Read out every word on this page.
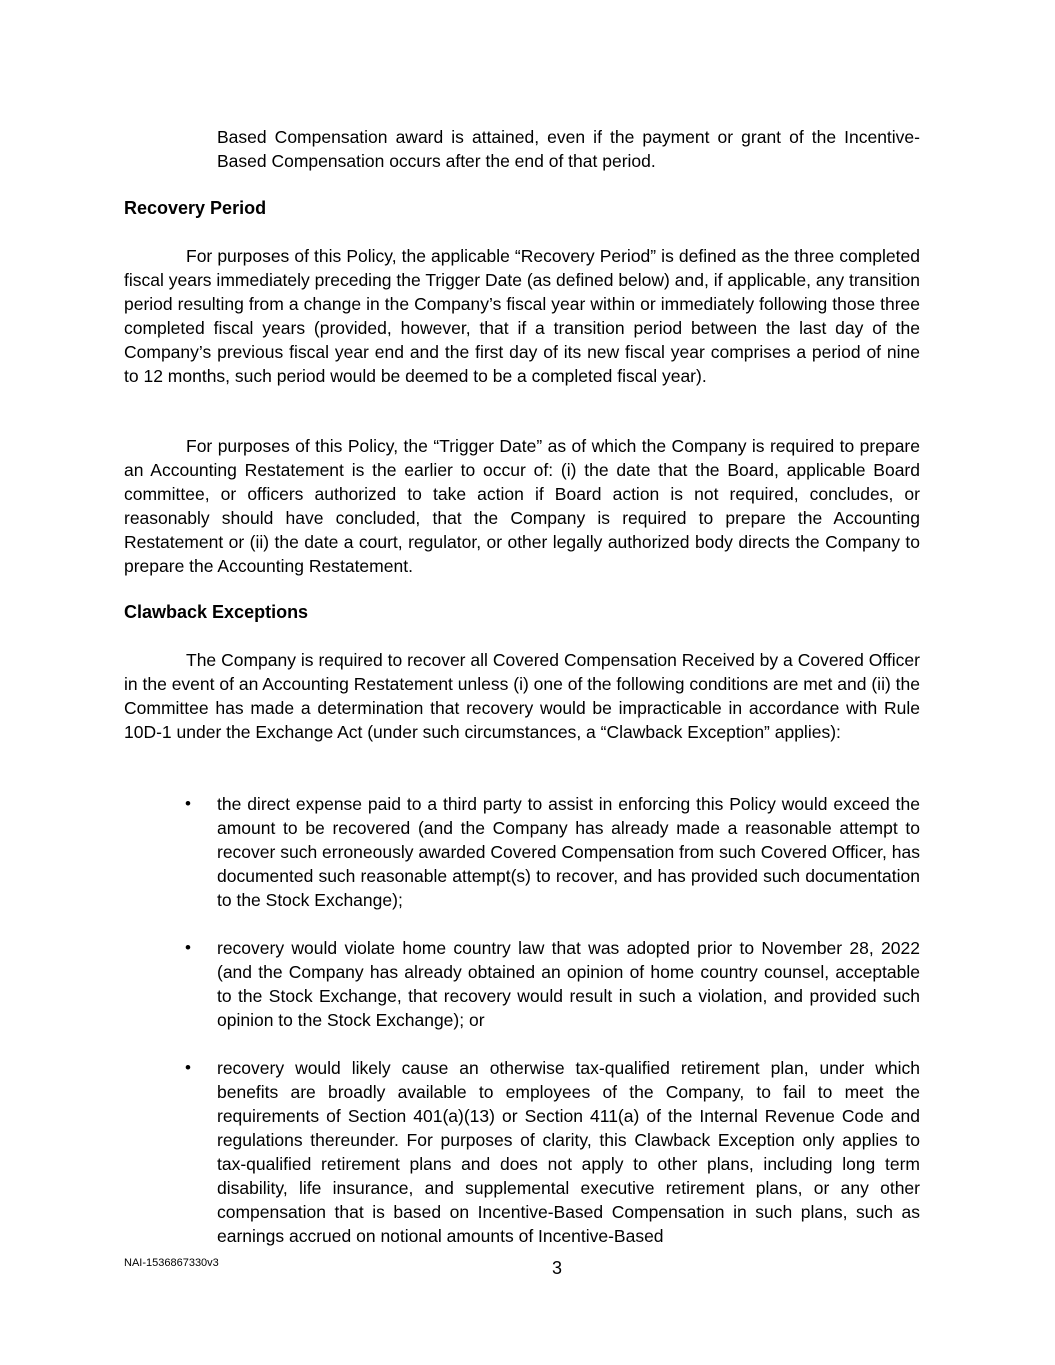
Based Compensation award is attained, even if the payment or grant of the Incentive-Based Compensation occurs after the end of that period.

Recovery Period

For purposes of this Policy, the applicable “Recovery Period” is defined as the three completed fiscal years immediately preceding the Trigger Date (as defined below) and, if applicable, any transition period resulting from a change in the Company’s fiscal year within or immediately following those three completed fiscal years (provided, however, that if a transition period between the last day of the Company’s previous fiscal year end and the first day of its new fiscal year comprises a period of nine to 12 months, such period would be deemed to be a completed fiscal year).

For purposes of this Policy, the “Trigger Date” as of which the Company is required to prepare an Accounting Restatement is the earlier to occur of: (i) the date that the Board, applicable Board committee, or officers authorized to take action if Board action is not required, concludes, or reasonably should have concluded, that the Company is required to prepare the Accounting Restatement or (ii) the date a court, regulator, or other legally authorized body directs the Company to prepare the Accounting Restatement.

Clawback Exceptions

The Company is required to recover all Covered Compensation Received by a Covered Officer in the event of an Accounting Restatement unless (i) one of the following conditions are met and (ii) the Committee has made a determination that recovery would be impracticable in accordance with Rule 10D-1 under the Exchange Act (under such circumstances, a “Clawback Exception” applies):

• the direct expense paid to a third party to assist in enforcing this Policy would exceed the amount to be recovered (and the Company has already made a reasonable attempt to recover such erroneously awarded Covered Compensation from such Covered Officer, has documented such reasonable attempt(s) to recover, and has provided such documentation to the Stock Exchange);
• recovery would violate home country law that was adopted prior to November 28, 2022 (and the Company has already obtained an opinion of home country counsel, acceptable to the Stock Exchange, that recovery would result in such a violation, and provided such opinion to the Stock Exchange); or
• recovery would likely cause an otherwise tax-qualified retirement plan, under which benefits are broadly available to employees of the Company, to fail to meet the requirements of Section 401(a)(13) or Section 411(a) of the Internal Revenue Code and regulations thereunder. For purposes of clarity, this Clawback Exception only applies to tax-qualified retirement plans and does not apply to other plans, including long term disability, life insurance, and supplemental executive retirement plans, or any other compensation that is based on Incentive-Based Compensation in such plans, such as earnings accrued on notional amounts of Incentive-Based
NAI-1536867330v3	3
